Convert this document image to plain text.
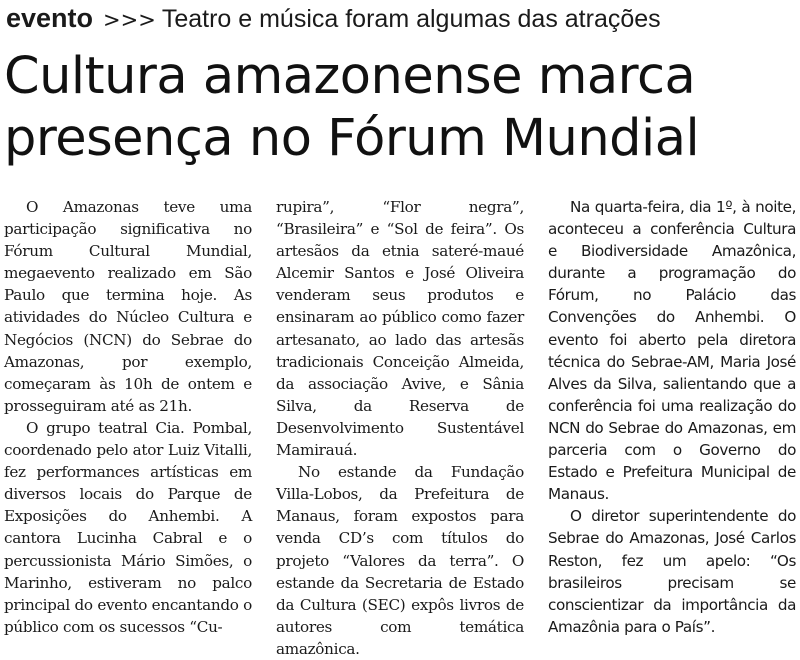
evento >>> Teatro e música foram algumas das atrações
Cultura amazonense marca
presença no Fórum Mundial

O Amazonas teve uma participação significativa no Fórum Cultural Mundial, megaevento realizado em São Paulo que termina hoje. As atividades do Núcleo Cultura e Negócios (NCN) do Sebrae do Amazonas, por exemplo, começaram às 10h de ontem e prosseguiram até as 21h.

O grupo teatral Cia. Pombal, coordenado pelo ator Luiz Vitalli, fez performances artísticas em diversos locais do Parque de Exposições do Anhembi. A cantora Lucinha Cabral e o percussionista Mário Simões, o Marinho, estiveram no palco principal do evento encantando o público com os sucessos “Cu-

rupira”, “Flor negra”, “Brasileira” e “Sol de feira”. Os artesãos da etnia sateré-maué Alcemir Santos e José Oliveira venderam seus produtos e ensinaram ao público como fazer artesanato, ao lado das artesãs tradicionais Conceição Almeida, da associação Avive, e Sânia Silva, da Reserva de Desenvolvimento Sustentável Mamirauá.

No estande da Fundação Villa-Lobos, da Prefeitura de Manaus, foram expostos para venda CD’s com títulos do projeto “Valores da terra”. O estande da Secretaria de Estado da Cultura (SEC) expôs livros de autores com temática amazônica.

Na quarta-feira, dia 1º, à noite, aconteceu a conferência Cultura e Biodiversidade Amazônica, durante a programação do Fórum, no Palácio das Convenções do Anhembi. O evento foi aberto pela diretora técnica do Sebrae-AM, Maria José Alves da Silva, salientando que a conferência foi uma realização do NCN do Sebrae do Amazonas, em parceria com o Governo do Estado e Prefeitura Municipal de Manaus.

O diretor superintendente do Sebrae do Amazonas, José Carlos Reston, fez um apelo: “Os brasileiros precisam se conscientizar da importância da Amazônia para o País”.
